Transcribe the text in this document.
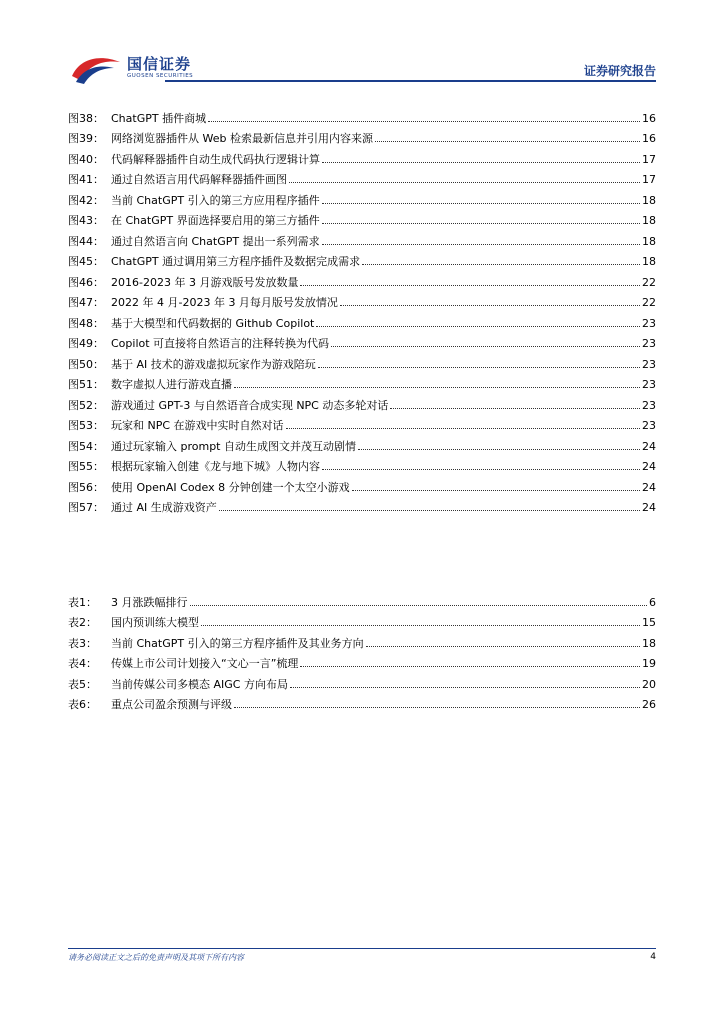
国信证券
GUOSEN SECURITIES	证券研究报告
图38： ChatGPT 插件商城	16
图39： 网络浏览器插件从 Web 检索最新信息并引用内容来源	16
图40： 代码解释器插件自动生成代码执行逻辑计算	17
图41： 通过自然语言用代码解释器插件画图	17
图42： 当前 ChatGPT 引入的第三方应用程序插件	18
图43： 在 ChatGPT 界面选择要启用的第三方插件	18
图44： 通过自然语言向 ChatGPT 提出一系列需求	18
图45： ChatGPT 通过调用第三方程序插件及数据完成需求	18
图46： 2016-2023 年 3 月游戏版号发放数量	22
图47： 2022 年 4 月-2023 年 3 月每月版号发放情况	22
图48： 基于大模型和代码数据的 Github Copilot	23
图49： Copilot 可直接将自然语言的注释转换为代码	23
图50： 基于 AI 技术的游戏虚拟玩家作为游戏陪玩	23
图51： 数字虚拟人进行游戏直播	23
图52： 游戏通过 GPT-3 与自然语音合成实现 NPC 动态多轮对话	23
图53： 玩家和 NPC 在游戏中实时自然对话	23
图54： 通过玩家输入 prompt 自动生成图文并茂互动剧情	24
图55： 根据玩家输入创建《龙与地下城》人物内容	24
图56： 使用 OpenAI Codex 8 分钟创建一个太空小游戏	24
图57： 通过 AI 生成游戏资产	24
表1：	3 月涨跌幅排行	6
表2：	国内预训练大模型	15
表3：	当前 ChatGPT 引入的第三方程序插件及其业务方向	18
表4：	传媒上市公司计划接入“文心一言”梳理	19
表5：	当前传媒公司多模态 AIGC 方向布局	20
表6：	重点公司盈余预测与评级	26
请务必阅读正文之后的免责声明及其项下所有内容	4
